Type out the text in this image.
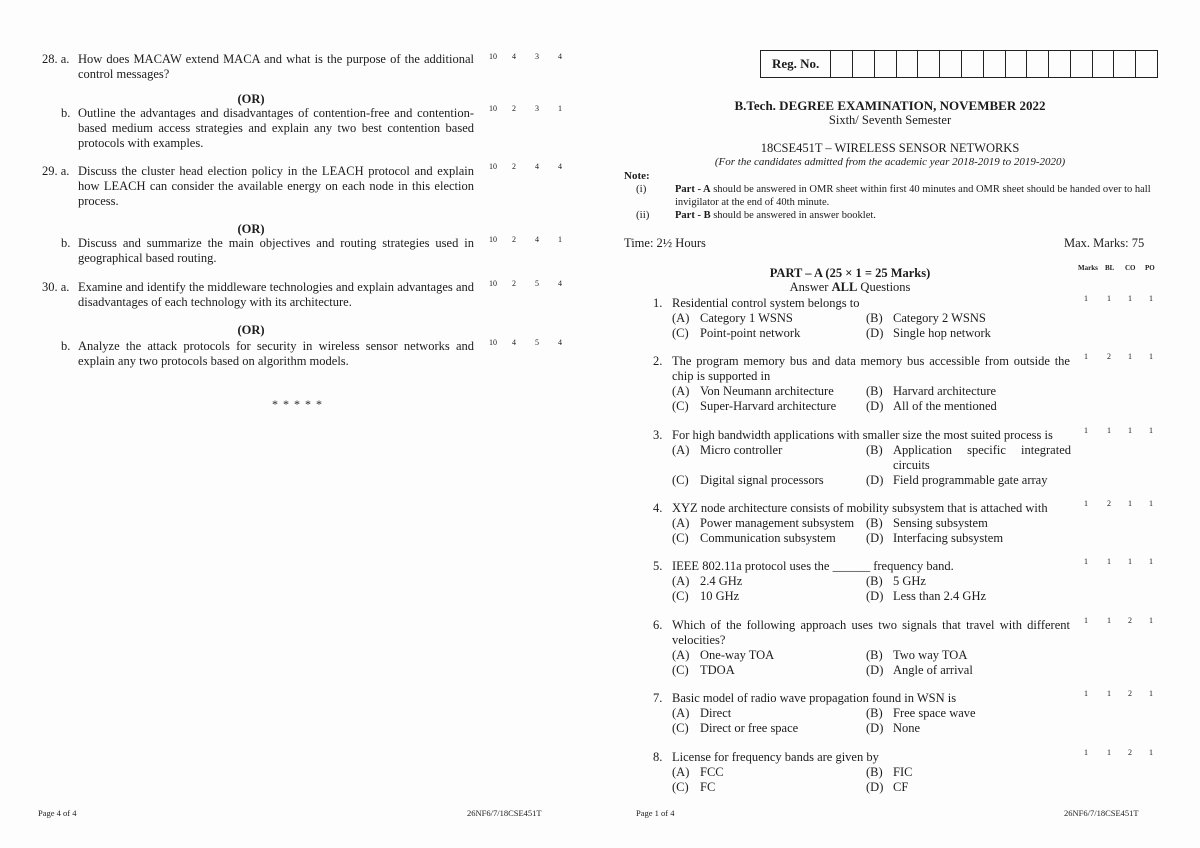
28. a. How does MACAW extend MACA and what is the purpose of the additional control messages?
10 4 3 4
(OR)
b. Outline the advantages and disadvantages of contention-free and contention-based medium access strategies and explain any two best contention based protocols with examples.
10 2 3 1
29. a. Discuss the cluster head election policy in the LEACH protocol and explain how LEACH can consider the available energy on each node in this election process.
10 2 4 4
(OR)
b. Discuss and summarize the main objectives and routing strategies used in geographical based routing.
10 2 4 1
30. a. Examine and identify the middleware technologies and explain advantages and disadvantages of each technology with its architecture.
10 2 5 4
(OR)
b. Analyze the attack protocols for security in wireless sensor networks and explain any two protocols based on algorithm models.
10 4 5 4
* * * * *
Page 4 of 4	26NF6/7/18CSE451T
Reg. No.
B.Tech. DEGREE EXAMINATION, NOVEMBER 2022
Sixth/ Seventh Semester
18CSE451T – WIRELESS SENSOR NETWORKS
(For the candidates admitted from the academic year 2018-2019 to 2019-2020)
Note:
(i)	Part - A should be answered in OMR sheet within first 40 minutes and OMR sheet should be handed over to hall invigilator at the end of 40th minute.
(ii) Part - B should be answered in answer booklet.
Time: 2½ Hours	Max. Marks: 75
PART – A (25 × 1 = 25 Marks)
Answer ALL Questions
Marks BL CO PO
1. Residential control system belongs to	1 1 1 1
(A) Category 1 WSNS	(B) Category 2 WSNS
(C) Point-point network	(D) Single hop network
2. The program memory bus and data memory bus accessible from outside the chip is supported in
1 2 1 1
(A) Von Neumann architecture	(B) Harvard architecture
(C) Super-Harvard architecture (D) All of the mentioned
3. For high bandwidth applications with smaller size the most suited process is	1 1 1 1
(A) Micro controller	(B) Application specific integrated circuits
(C) Digital signal processors	(D) Field programmable gate array
4. XYZ node architecture consists of mobility subsystem that is attached with	1 2 1 1
(A) Power management subsystem (B) Sensing subsystem
(C) Communication subsystem (D) Interfacing subsystem
5. IEEE 802.11a protocol uses the ______ frequency band.	1 1 1 1
(A) 2.4 GHz	(B) 5 GHz
(C) 10 GHz	(D) Less than 2.4 GHz
6. Which of the following approach uses two signals that travel with different velocities?
1 1 2 1
(A) One-way TOA	(B) Two way TOA
(C) TDOA	(D) Angle of arrival
7. Basic model of radio wave propagation found in WSN is	1 1 2 1
(A) Direct	(B) Free space wave
(C) Direct or free space	(D) None
8. License for frequency bands are given by	1 1 2 1
(A) FCC	(B) FIC
(C) FC	(D) CF
Page 1 of 4	26NF6/7/18CSE451T
